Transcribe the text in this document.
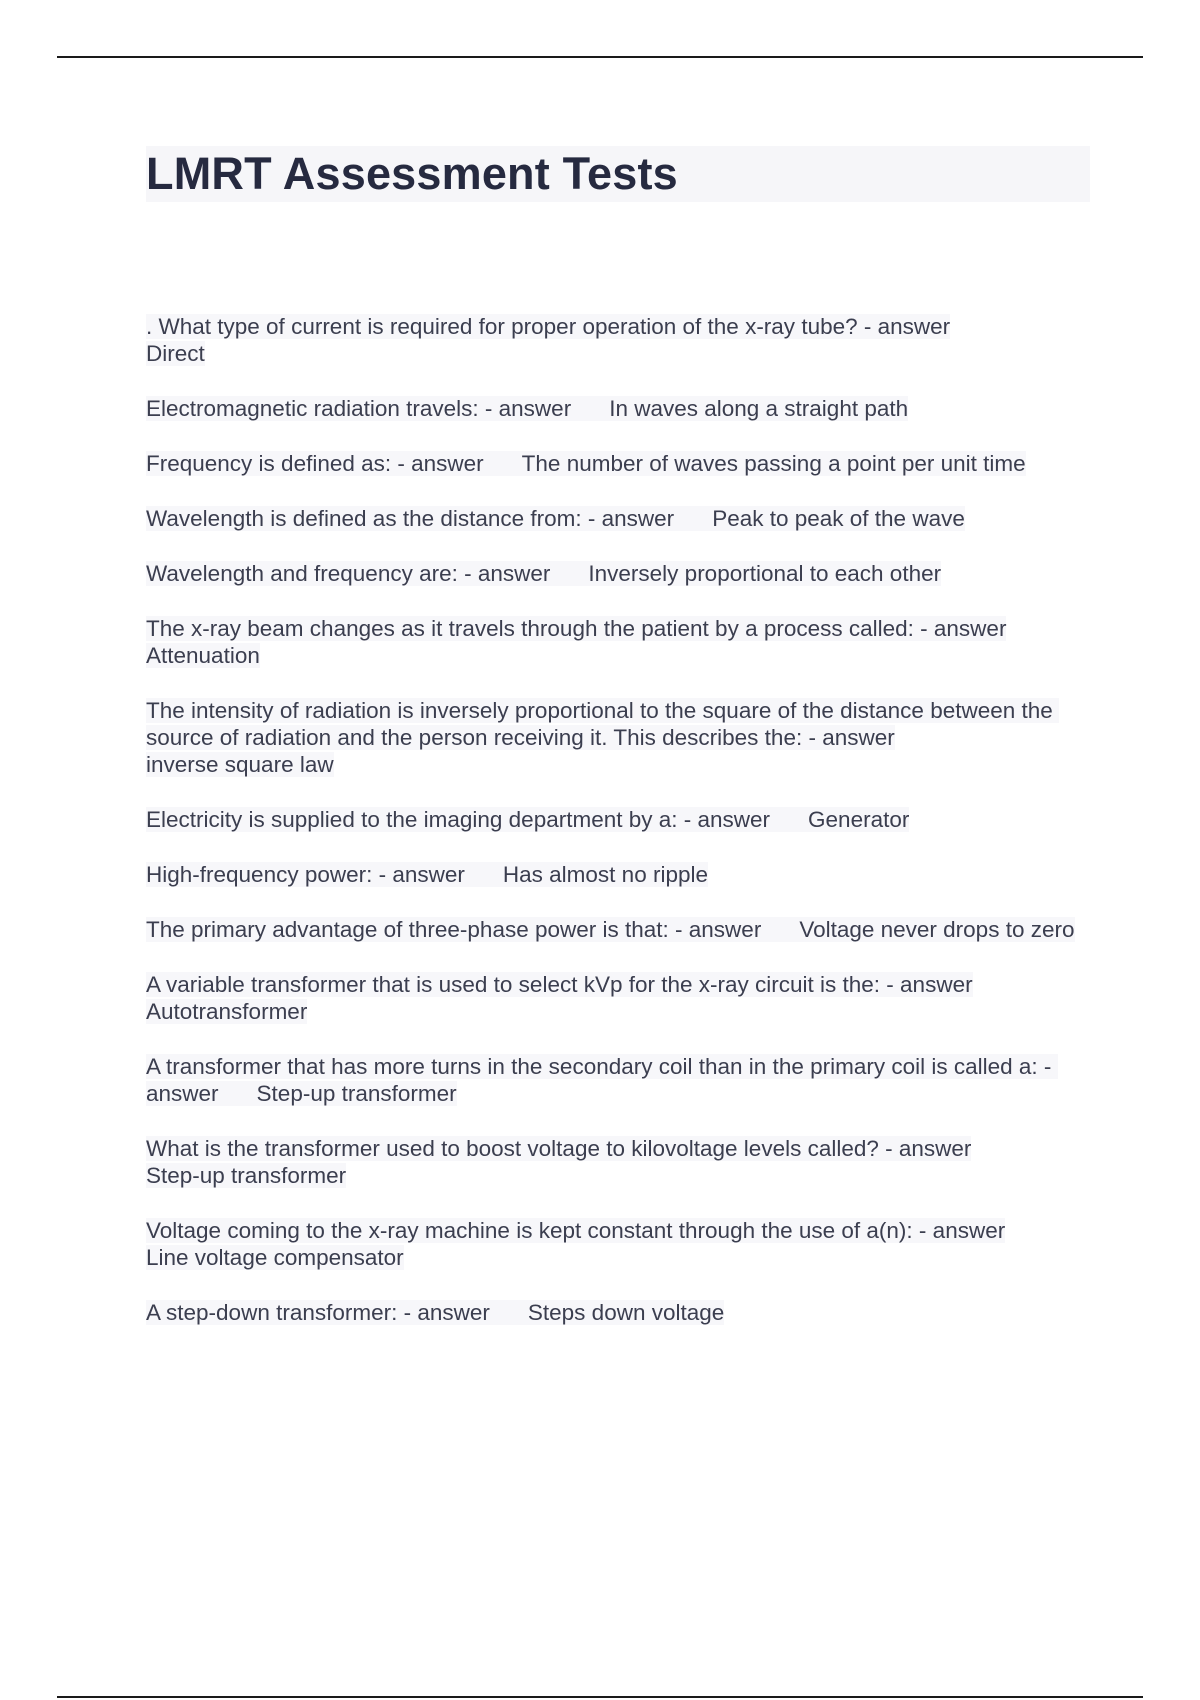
LMRT Assessment Tests
. What type of current is required for proper operation of the x-ray tube? - answer
Direct
Electromagnetic radiation travels: - answer In waves along a straight path
Frequency is defined as: - answer The number of waves passing a point per unit time
Wavelength is defined as the distance from: - answer Peak to peak of the wave
Wavelength and frequency are: - answer Inversely proportional to each other
The x-ray beam changes as it travels through the patient by a process called: - answer
Attenuation
The intensity of radiation is inversely proportional to the square of the distance between the source of radiation and the person receiving it. This describes the: - answer
inverse square law
Electricity is supplied to the imaging department by a: - answer Generator
High-frequency power: - answer Has almost no ripple
The primary advantage of three-phase power is that: - answer Voltage never drops to zero
A variable transformer that is used to select kVp for the x-ray circuit is the: - answer
Autotransformer
A transformer that has more turns in the secondary coil than in the primary coil is called a: - answer Step-up transformer
What is the transformer used to boost voltage to kilovoltage levels called? - answer
Step-up transformer
Voltage coming to the x-ray machine is kept constant through the use of a(n): - answer
Line voltage compensator
A step-down transformer: - answer Steps down voltage
